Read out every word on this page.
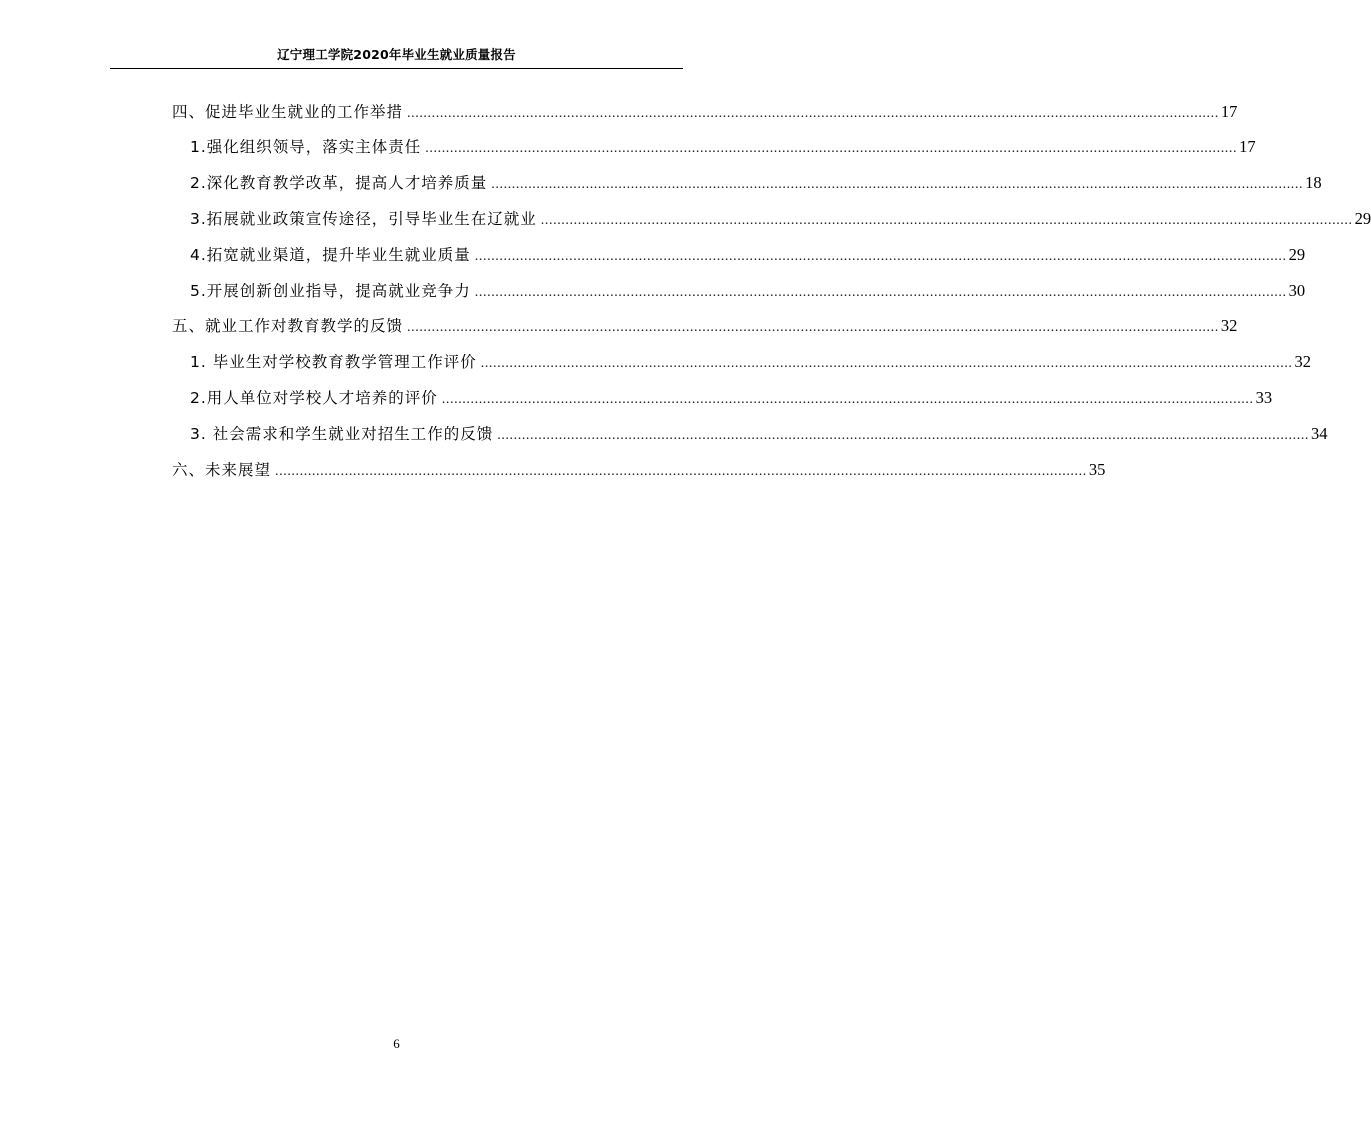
辽宁理工学院2020年毕业生就业质量报告
四、促进毕业生就业的工作举措 ...................................................................................................................................................................................................... 17
1.强化组织领导，落实主体责任 ...................................................................................................................................................................................................... 17
2.深化教育教学改革，提高人才培养质量 ...................................................................................................................................................................................................... 18
3.拓展就业政策宣传途径，引导毕业生在辽就业 ...................................................................................................................................................................................................... 29
4.拓宽就业渠道，提升毕业生就业质量 ...................................................................................................................................................................................................... 29
5.开展创新创业指导，提高就业竞争力 ...................................................................................................................................................................................................... 30
五、就业工作对教育教学的反馈 ...................................................................................................................................................................................................... 32
1. 毕业生对学校教育教学管理工作评价 ...................................................................................................................................................................................................... 32
2.用人单位对学校人才培养的评价 ...................................................................................................................................................................................................... 33
3. 社会需求和学生就业对招生工作的反馈 ...................................................................................................................................................................................................... 34
六、未来展望 ...................................................................................................................................................................................................... 35
6
